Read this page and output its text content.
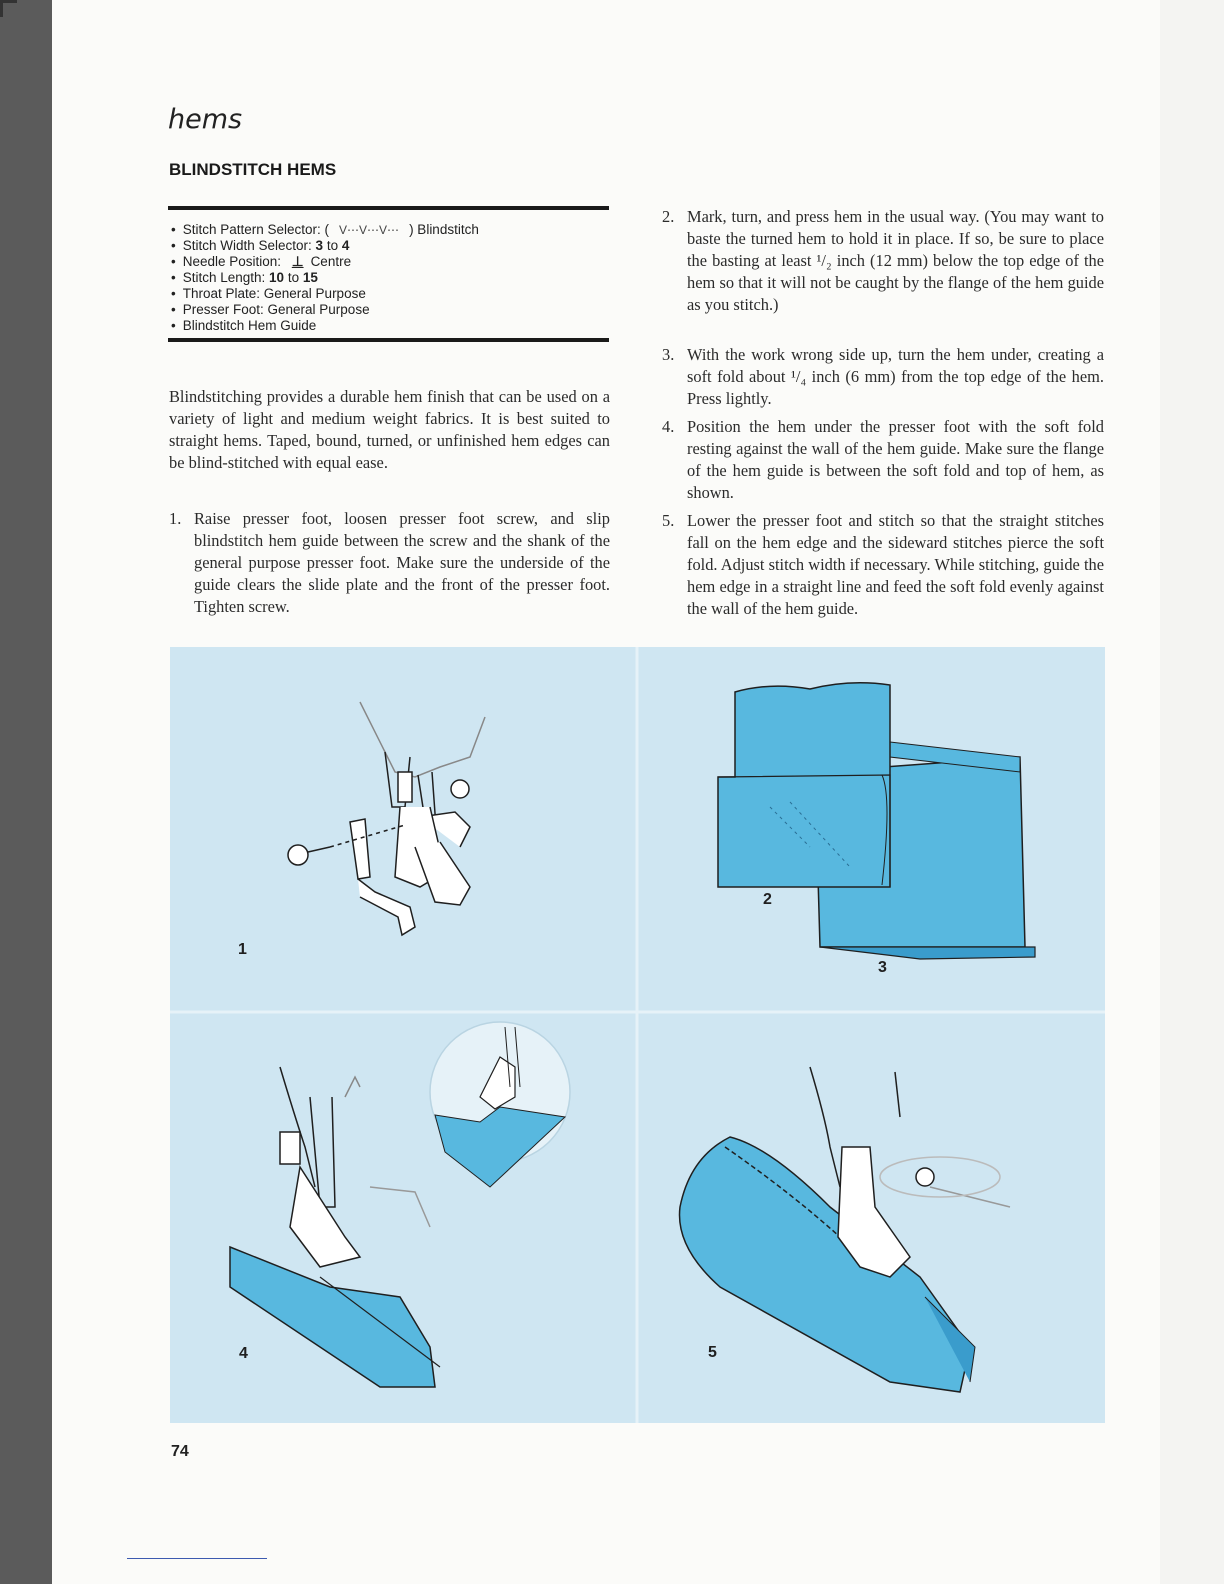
hems
BLINDSTITCH HEMS
• Stitch Pattern Selector: ( V⋯V⋯V⋯ ) Blindstitch
• Stitch Width Selector: 3 to 4
• Needle Position: ⊥ Centre
• Stitch Length: 10 to 15
• Throat Plate: General Purpose
• Presser Foot: General Purpose
• Blindstitch Hem Guide

Blindstitching provides a durable hem finish that can be used on a variety of light and medium weight fabrics. It is best suited to straight hems. Taped, bound, turned, or unfinished hem edges can be blind-stitched with equal ease.

1. Raise presser foot, loosen presser foot screw, and slip blindstitch hem guide between the screw and the shank of the general purpose presser foot. Make sure the underside of the guide clears the slide plate and the front of the presser foot. Tighten screw.

2. Mark, turn, and press hem in the usual way. (You may want to baste the turned hem to hold it in place. If so, be sure to place the basting at least ¹/₂ inch (12 mm) below the top edge of the hem so that it will not be caught by the flange of the hem guide as you stitch.)

3. With the work wrong side up, turn the hem under, creating a soft fold about ¹/₄ inch (6 mm) from the top edge of the hem. Press lightly.

4. Position the hem under the presser foot with the soft fold resting against the wall of the hem guide. Make sure the flange of the hem guide is between the soft fold and top of hem, as shown.

5. Lower the presser foot and stitch so that the straight stitches fall on the hem edge and the sideward stitches pierce the soft fold. Adjust stitch width if necessary. While stitching, guide the hem edge in a straight line and feed the soft fold evenly against the wall of the hem guide.

1
2
3
4	5

74
